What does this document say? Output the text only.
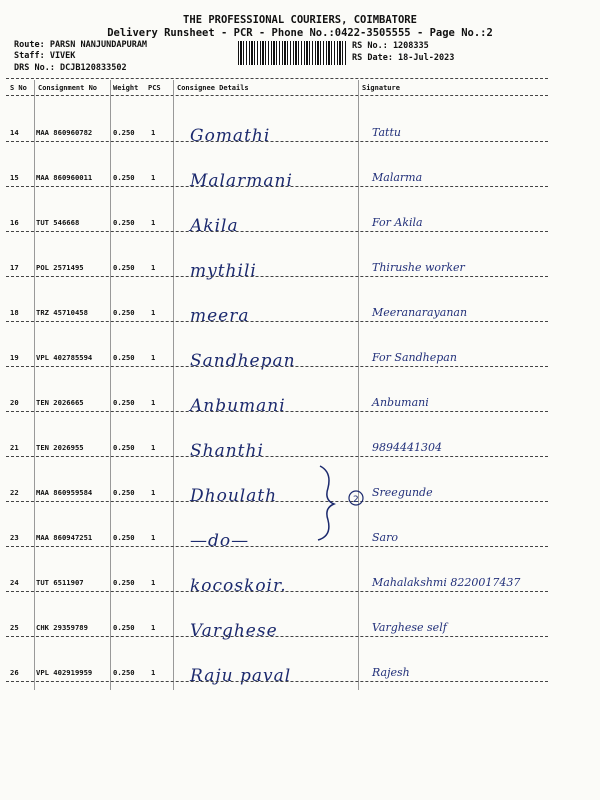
THE PROFESSIONAL COURIERS, COIMBATORE
Delivery Runsheet - PCR - Phone No.:0422-3505555 - Page No.:2
Route: PARSN NANJUNDAPURAM
Staff: VIVEK
DRS No.: DCJB120833502
RS No.: 1208335
RS Date: 18-Jul-2023
S No Consignment No Weight PCS Consignee Details	Signature
14 MAA 860960782	0.250 1 Gomathi	Tattu
15 MAA 860960011	0.250 1 Malarmani	Malarma
16 TUT 546668	0.250 1 Akila	For Akila
17 POL 2571495	0.250 1 mythili	Thirushe worker
18 TRZ 45710458	0.250 1 meera	Meeranarayanan
19 VPL 402785594	0.250 1 Sandhepan	For Sandhepan
20 TEN 2026665	0.250 1 Anbumani	Anbumani
21 TEN 2026955	0.250 1 Shanthi	9894441304
22 MAA 860959584	0.250 1 Dhoulath	Sreegunde
23 MAA 860947251	0.250 1 —do—	Saro
24 TUT 6511907	0.250 1 kocoskoir.	Mahalakshmi 8220017437
25 CHK 29359789	0.250 1 Varghese	Varghese self
26 VPL 402919959	0.250 1 Raju paval	Rajesh
2
